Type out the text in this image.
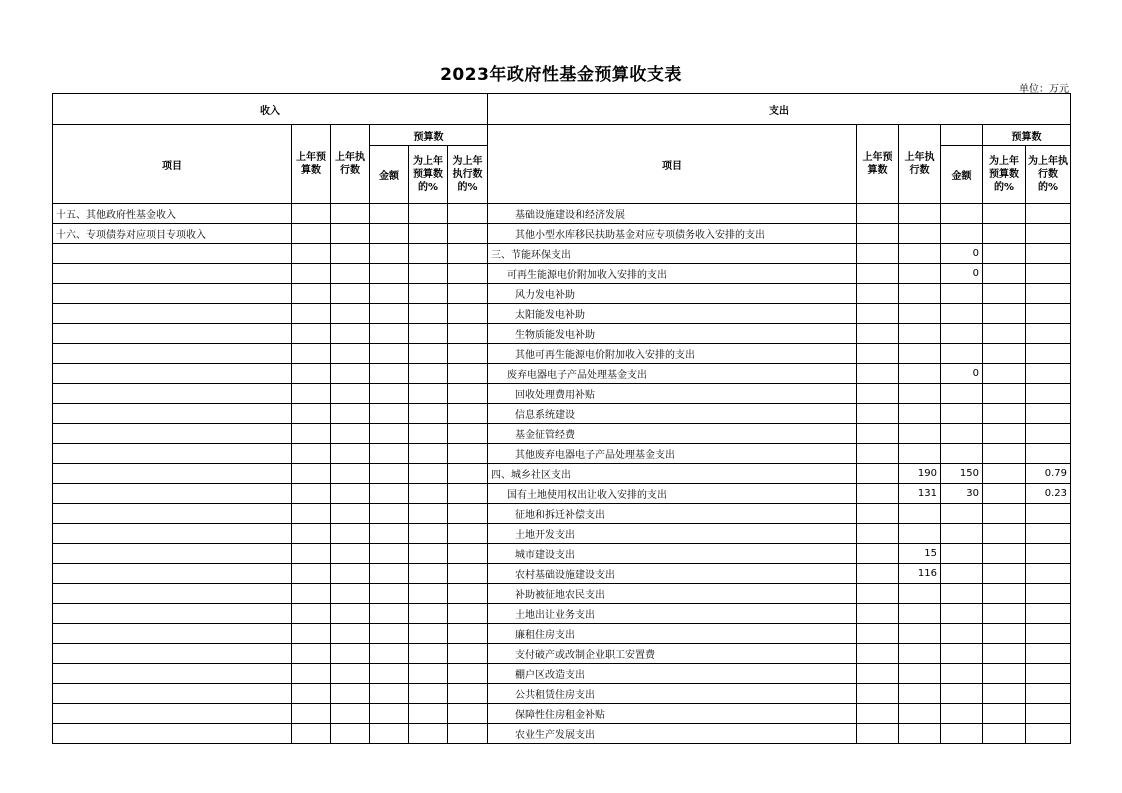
2023年政府性基金预算收支表
单位：万元
收入						支出					
项目	上年预算数	上年执行数	预算数			项目	上年预算数	上年执行数		预算数	
			金额	为上年预算数的%	为上年执行数的%				金额	为上年预算数的%	为上年执行数的%
十五、其他政府性基金收入						基础设施建设和经济发展					
十六、专项债券对应项目专项收入						其他小型水库移民扶助基金对应专项债务收入安排的支出					
						三、节能环保支出			0		
						可再生能源电价附加收入安排的支出			0		
						风力发电补助					
						太阳能发电补助					
						生物质能发电补助					
						其他可再生能源电价附加收入安排的支出					
						废弃电器电子产品处理基金支出			0		
						回收处理费用补贴					
						信息系统建设					
						基金征管经费					
						其他废弃电器电子产品处理基金支出					
						四、城乡社区支出		190	150		0.79
						国有土地使用权出让收入安排的支出		131	30		0.23
						征地和拆迁补偿支出					
						土地开发支出					
						城市建设支出		15			
						农村基础设施建设支出		116			
						补助被征地农民支出					
						土地出让业务支出					
						廉租住房支出					
						支付破产或改制企业职工安置费					
						棚户区改造支出					
						公共租赁住房支出					
						保障性住房租金补贴					
						农业生产发展支出					
